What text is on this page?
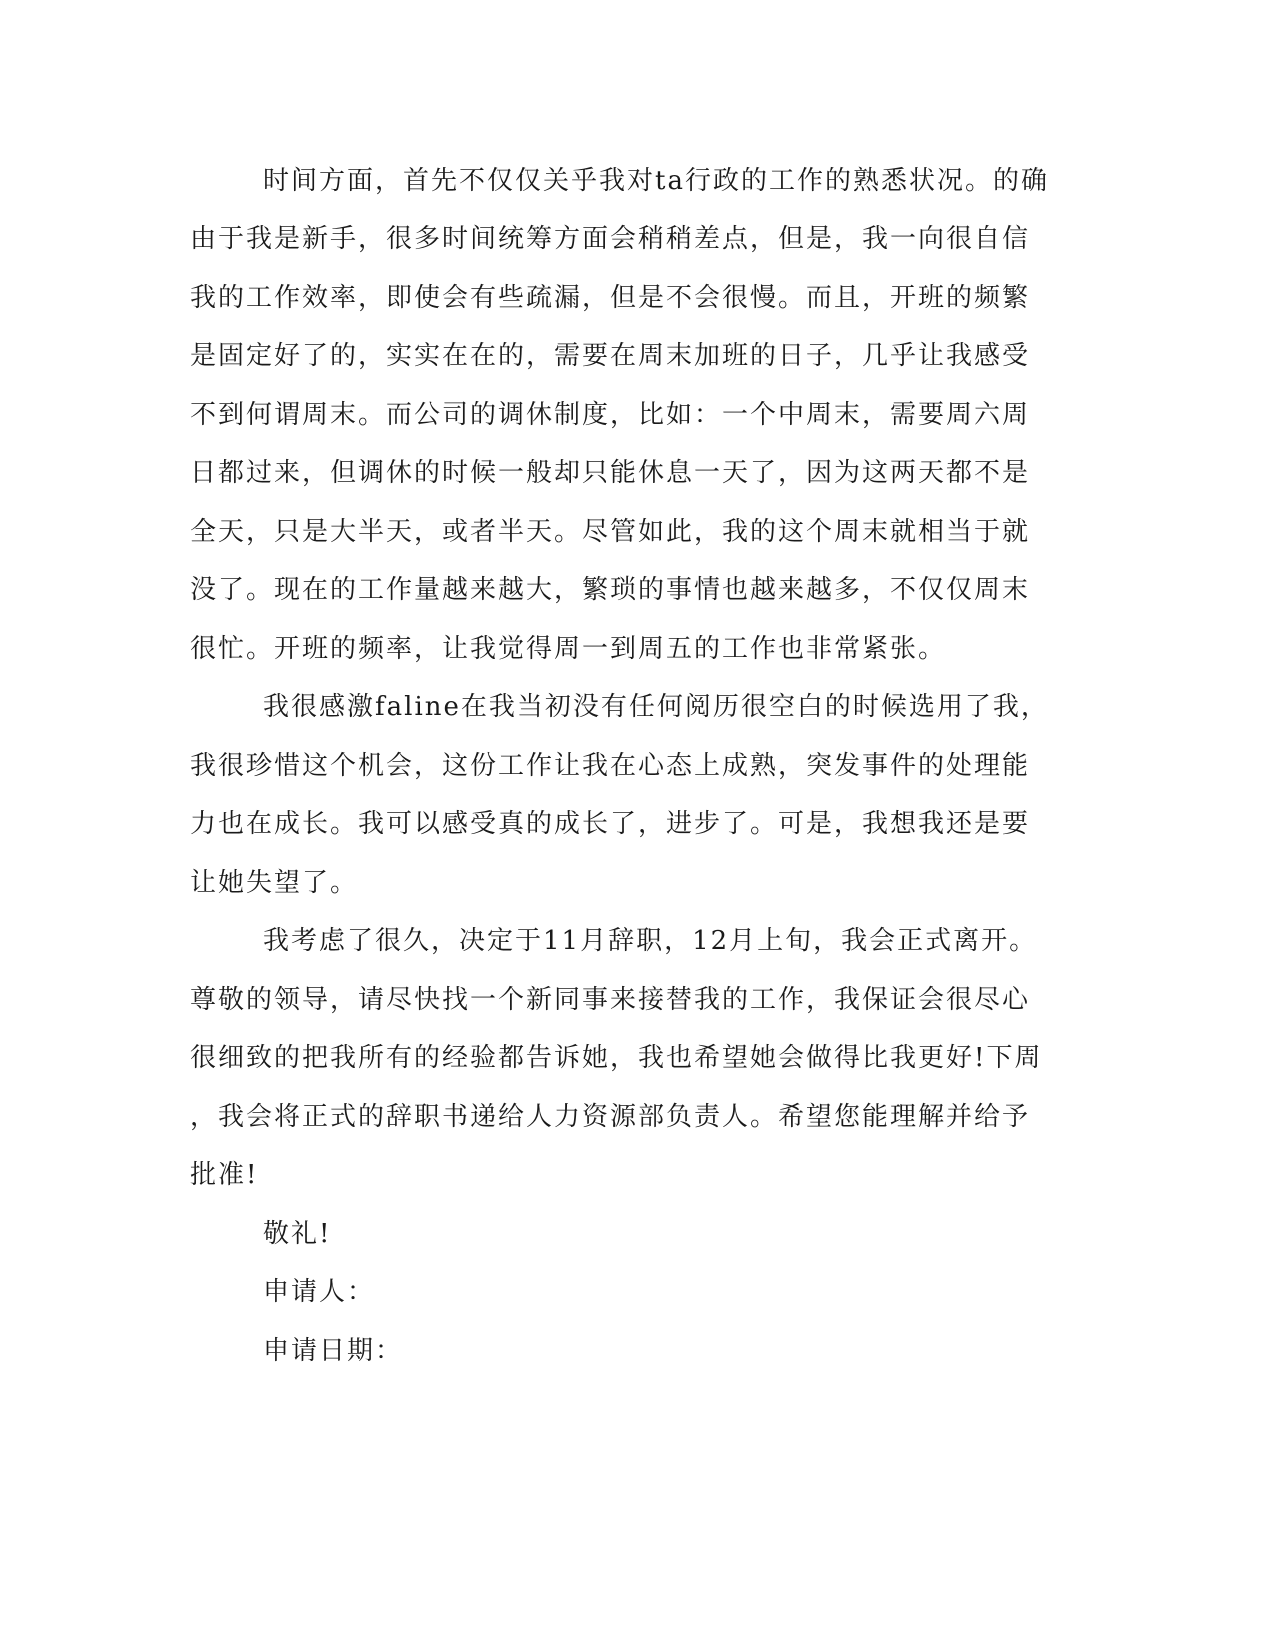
时间方面，首先不仅仅关乎我对ta行政的工作的熟悉状况。的确
由于我是新手，很多时间统筹方面会稍稍差点，但是，我一向很自信
我的工作效率，即使会有些疏漏，但是不会很慢。而且，开班的频繁
是固定好了的，实实在在的，需要在周末加班的日子，几乎让我感受
不到何谓周末。而公司的调休制度，比如：一个中周末，需要周六周
日都过来，但调休的时候一般却只能休息一天了，因为这两天都不是
全天，只是大半天，或者半天。尽管如此，我的这个周末就相当于就
没了。现在的工作量越来越大，繁琐的事情也越来越多，不仅仅周末
很忙。开班的频率，让我觉得周一到周五的工作也非常紧张。
我很感激faline在我当初没有任何阅历很空白的时候选用了我，
我很珍惜这个机会，这份工作让我在心态上成熟，突发事件的处理能
力也在成长。我可以感受真的成长了，进步了。可是，我想我还是要
让她失望了。
我考虑了很久，决定于11月辞职，12月上旬，我会正式离开。
尊敬的领导，请尽快找一个新同事来接替我的工作，我保证会很尽心
很细致的把我所有的经验都告诉她，我也希望她会做得比我更好!下周
，我会将正式的辞职书递给人力资源部负责人。希望您能理解并给予
批准!
敬礼!
申请人：
申请日期：
